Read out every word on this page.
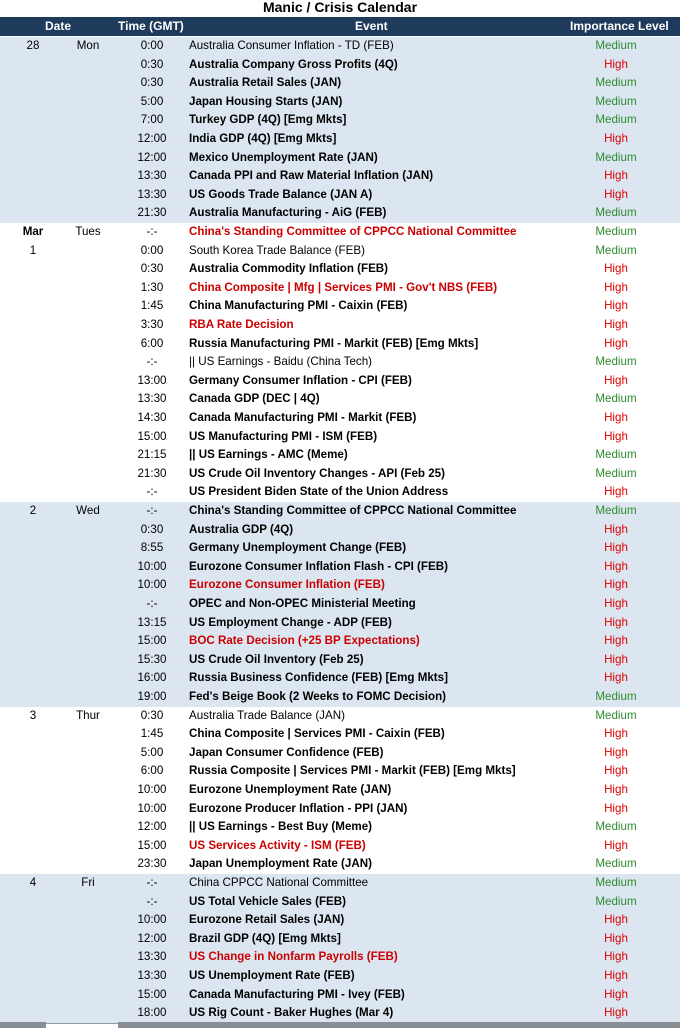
Manic / Crisis Calendar
Date	Time (GMT)	Event	Importance Level
28	Mon	0:00	Australia Consumer Inflation - TD (FEB)	Medium
0:30	Australia Company Gross Profits (4Q)	High
0:30	Australia Retail Sales (JAN)	Medium
5:00	Japan Housing Starts (JAN)	Medium
7:00	Turkey GDP (4Q) [Emg Mkts]	Medium
12:00	India GDP (4Q) [Emg Mkts]	High
12:00	Mexico Unemployment Rate (JAN)	Medium
13:30	Canada PPI and Raw Material Inflation (JAN)	High
13:30	US Goods Trade Balance (JAN A)	High
21:30	Australia Manufacturing - AiG (FEB)	Medium
Mar	Tues	-:-	China's Standing Committee of CPPCC National Committee	Medium
1	0:00	South Korea Trade Balance (FEB)	Medium
0:30	Australia Commodity Inflation (FEB)	High
1:30	China Composite | Mfg | Services PMI - Gov't NBS (FEB)	High
1:45	China Manufacturing PMI - Caixin (FEB)	High
3:30	RBA Rate Decision	High
6:00	Russia Manufacturing PMI - Markit (FEB) [Emg Mkts]	High
-:-	|| US Earnings - Baidu (China Tech)	Medium
13:00	Germany Consumer Inflation - CPI (FEB)	High
13:30	Canada GDP (DEC | 4Q)	Medium
14:30	Canada Manufacturing PMI - Markit (FEB)	High
15:00	US Manufacturing PMI - ISM (FEB)	High
21:15	|| US Earnings - AMC (Meme)	Medium
21:30	US Crude Oil Inventory Changes - API (Feb 25)	Medium
-:-	US President Biden State of the Union Address	High
2	Wed	-:-	China's Standing Committee of CPPCC National Committee	Medium
0:30	Australia GDP (4Q)	High
8:55	Germany Unemployment Change (FEB)	High
10:00	Eurozone Consumer Inflation Flash - CPI (FEB)	High
10:00	Eurozone Consumer Inflation (FEB)	High
-:-	OPEC and Non-OPEC Ministerial Meeting	High
13:15	US Employment Change - ADP (FEB)	High
15:00	BOC Rate Decision (+25 BP Expectations)	High
15:30	US Crude Oil Inventory (Feb 25)	High
16:00	Russia Business Confidence (FEB) [Emg Mkts]	High
19:00	Fed's Beige Book (2 Weeks to FOMC Decision)	Medium
3	Thur	0:30	Australia Trade Balance (JAN)	Medium
1:45	China Composite | Services PMI - Caixin (FEB)	High
5:00	Japan Consumer Confidence (FEB)	High
6:00	Russia Composite | Services PMI - Markit (FEB) [Emg Mkts]	High
10:00	Eurozone Unemployment Rate (JAN)	High
10:00	Eurozone Producer Inflation - PPI (JAN)	High
12:00	|| US Earnings - Best Buy (Meme)	Medium
15:00	US Services Activity - ISM (FEB)	High
23:30	Japan Unemployment Rate (JAN)	Medium
4	Fri	-:-	China CPPCC National Committee	Medium
-:-	US Total Vehicle Sales (FEB)	Medium
10:00	Eurozone Retail Sales (JAN)	High
12:00	Brazil GDP (4Q) [Emg Mkts]	High
13:30	US Change in Nonfarm Payrolls (FEB)	High
13:30	US Unemployment Rate (FEB)	High
15:00	Canada Manufacturing PMI - Ivey (FEB)	High
18:00	US Rig Count - Baker Hughes (Mar 4)	High
